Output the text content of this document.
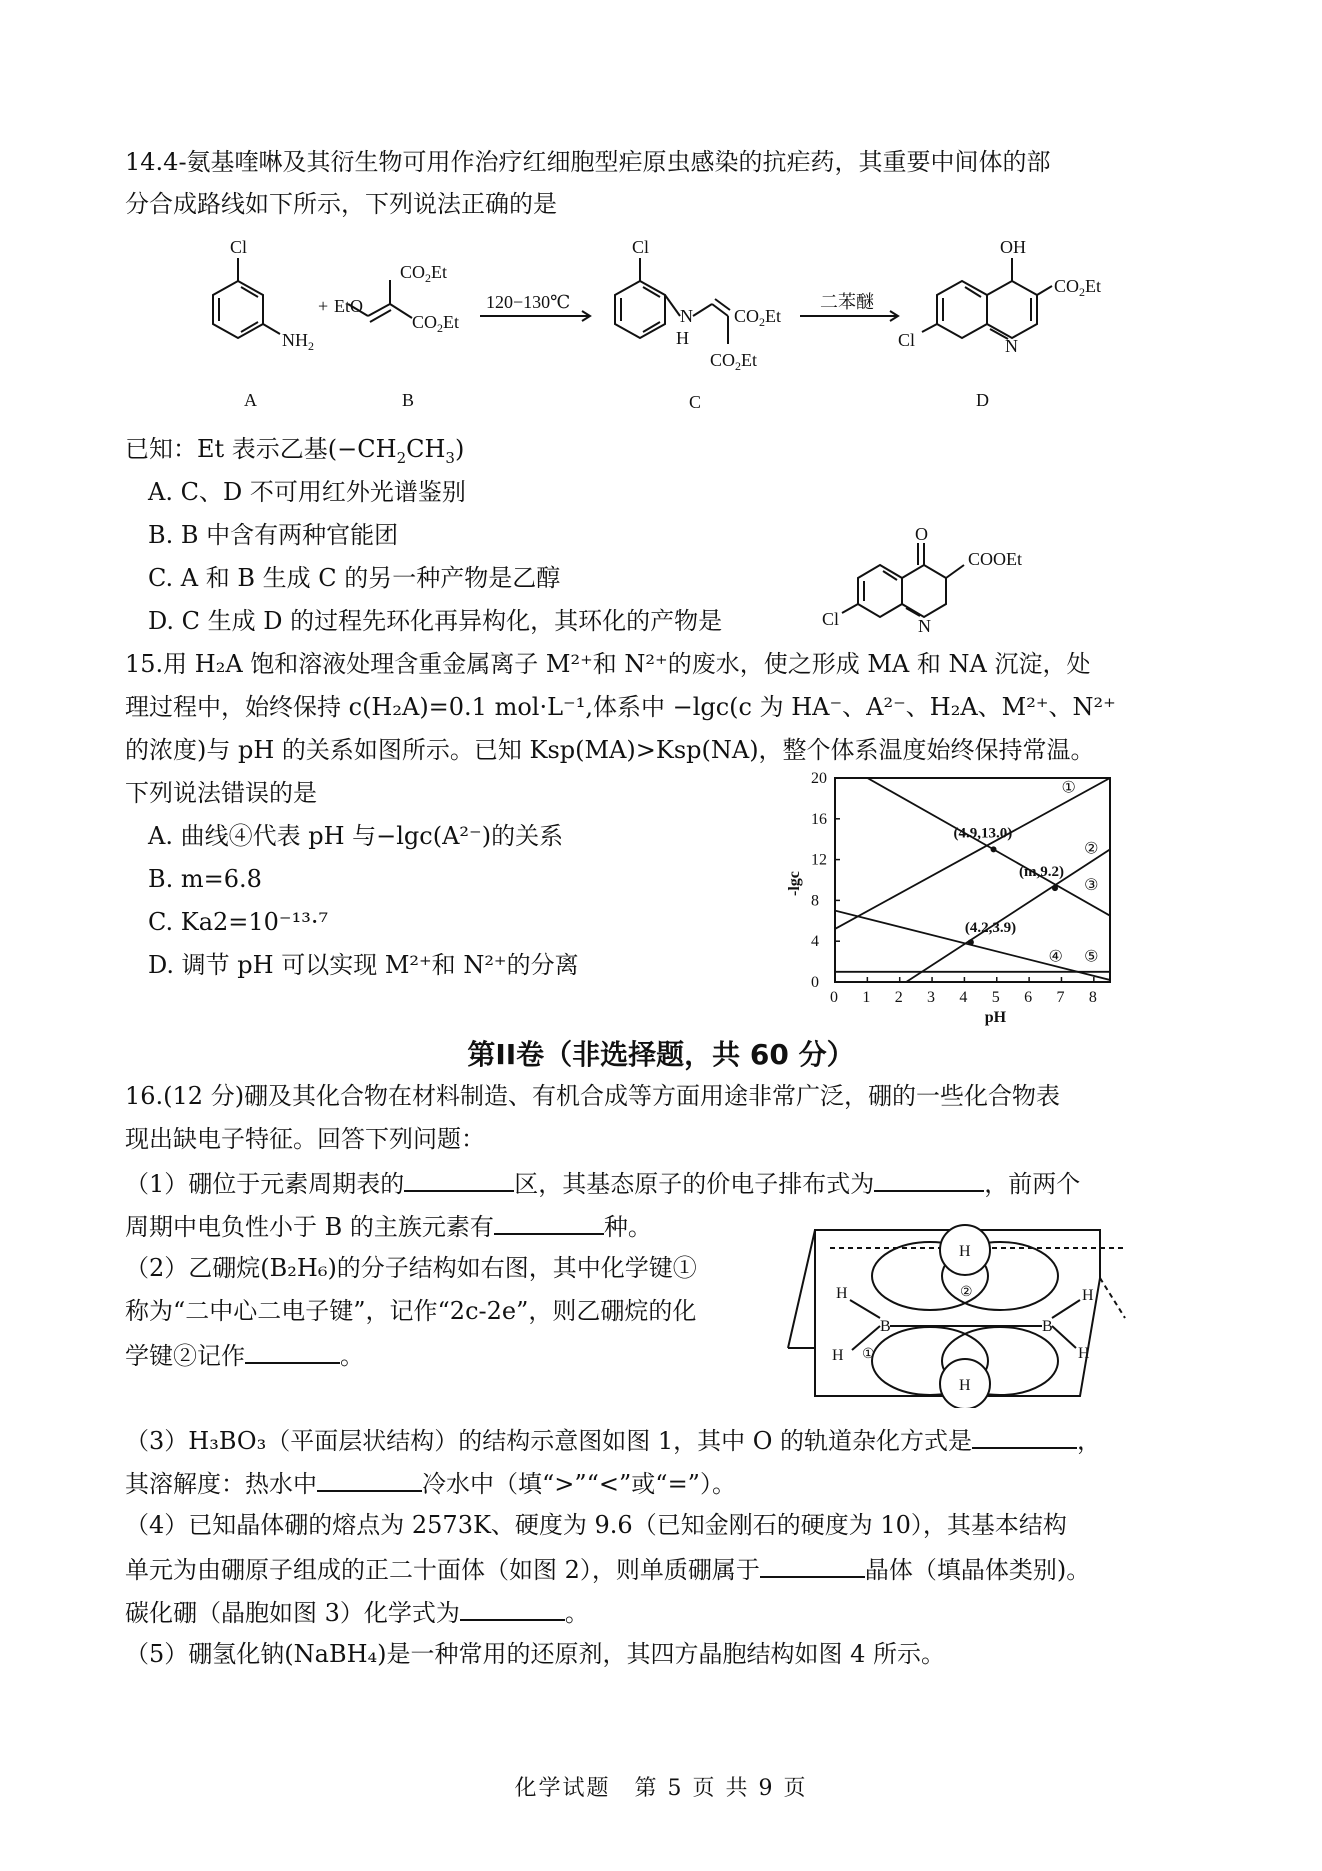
14.4-氨基喹啉及其衍生物可用作治疗红细胞型疟原虫感染的抗疟药，其重要中间体的部
分合成路线如下所示，下列说法正确的是
Cl
$NH_2$
+ EtO
$CO_2Et$
$CO_2Et$
120−130℃	二苯醚
Cl
N
H
$CO_2Et$
$CO_2Et$
OH
$CO_2Et$
N
Cl
A	B	C	D
已知：Et 表示乙基$(-CH_2CH_3)$
A. C、D 不可用红外光谱鉴别
B. B 中含有两种官能团
C. A 和 B 生成 C 的另一种产物是乙醇
D. C 生成 D 的过程先环化再异构化，其环化的产物是
O
COOEt
Cl	N
15.用 H₂A 饱和溶液处理含重金属离子 M²⁺和 N²⁺的废水，使之形成 MA 和 NA 沉淀，处
理过程中，始终保持 c(H₂A)=0.1 mol·L⁻¹,体系中 −lgc(c 为 HA⁻、A²⁻、H₂A、M²⁺、N²⁺
的浓度)与 pH 的关系如图所示。已知 Ksp(MA)>Ksp(NA)，整个体系温度始终保持常温。
下列说法错误的是
A. 曲线④代表 pH 与−lgc(A²⁻)的关系
B. m=6.8
C. Ka2=10⁻¹³·⁷
D. 调节 pH 可以实现 M²⁺和 N²⁺的分离
0 1 2 3 4 5 6 7 8
0
4
8
12
16
20
pH
-lgc
①
②
③
④ ⑤
(4.9,13.0)
(m,9.2)
(4.2,3.9)
第II卷（非选择题，共 60 分）
16.(12 分)硼及其化合物在材料制造、有机合成等方面用途非常广泛，硼的一些化合物表
现出缺电子特征。回答下列问题：
（1）硼位于元素周期表的	区，其基态原子的价电子排布式为	，前两个
周期中电负性小于 B 的主族元素有	种。
（2）乙硼烷(B₂H₆)的分子结构如右图，其中化学键①
称为“二中心二电子键”，记作“2c-2e”，则乙硼烷的化
学键②记作	。
H
H
H
H
H
H
B	B
①
②
（3）H₃BO₃（平面层状结构）的结构示意图如图 1，其中 O 的轨道杂化方式是	，
其溶解度：热水中	冷水中（填“>”“<”或“=”）。
（4）已知晶体硼的熔点为 2573K、硬度为 9.6（已知金刚石的硬度为 10），其基本结构
单元为由硼原子组成的正二十面体（如图 2），则单质硼属于	晶体（填晶体类别)。
碳化硼（晶胞如图 3）化学式为	。
（5）硼氢化钠(NaBH₄)是一种常用的还原剂，其四方晶胞结构如图 4 所示。
化学试题　第 5 页 共 9 页
